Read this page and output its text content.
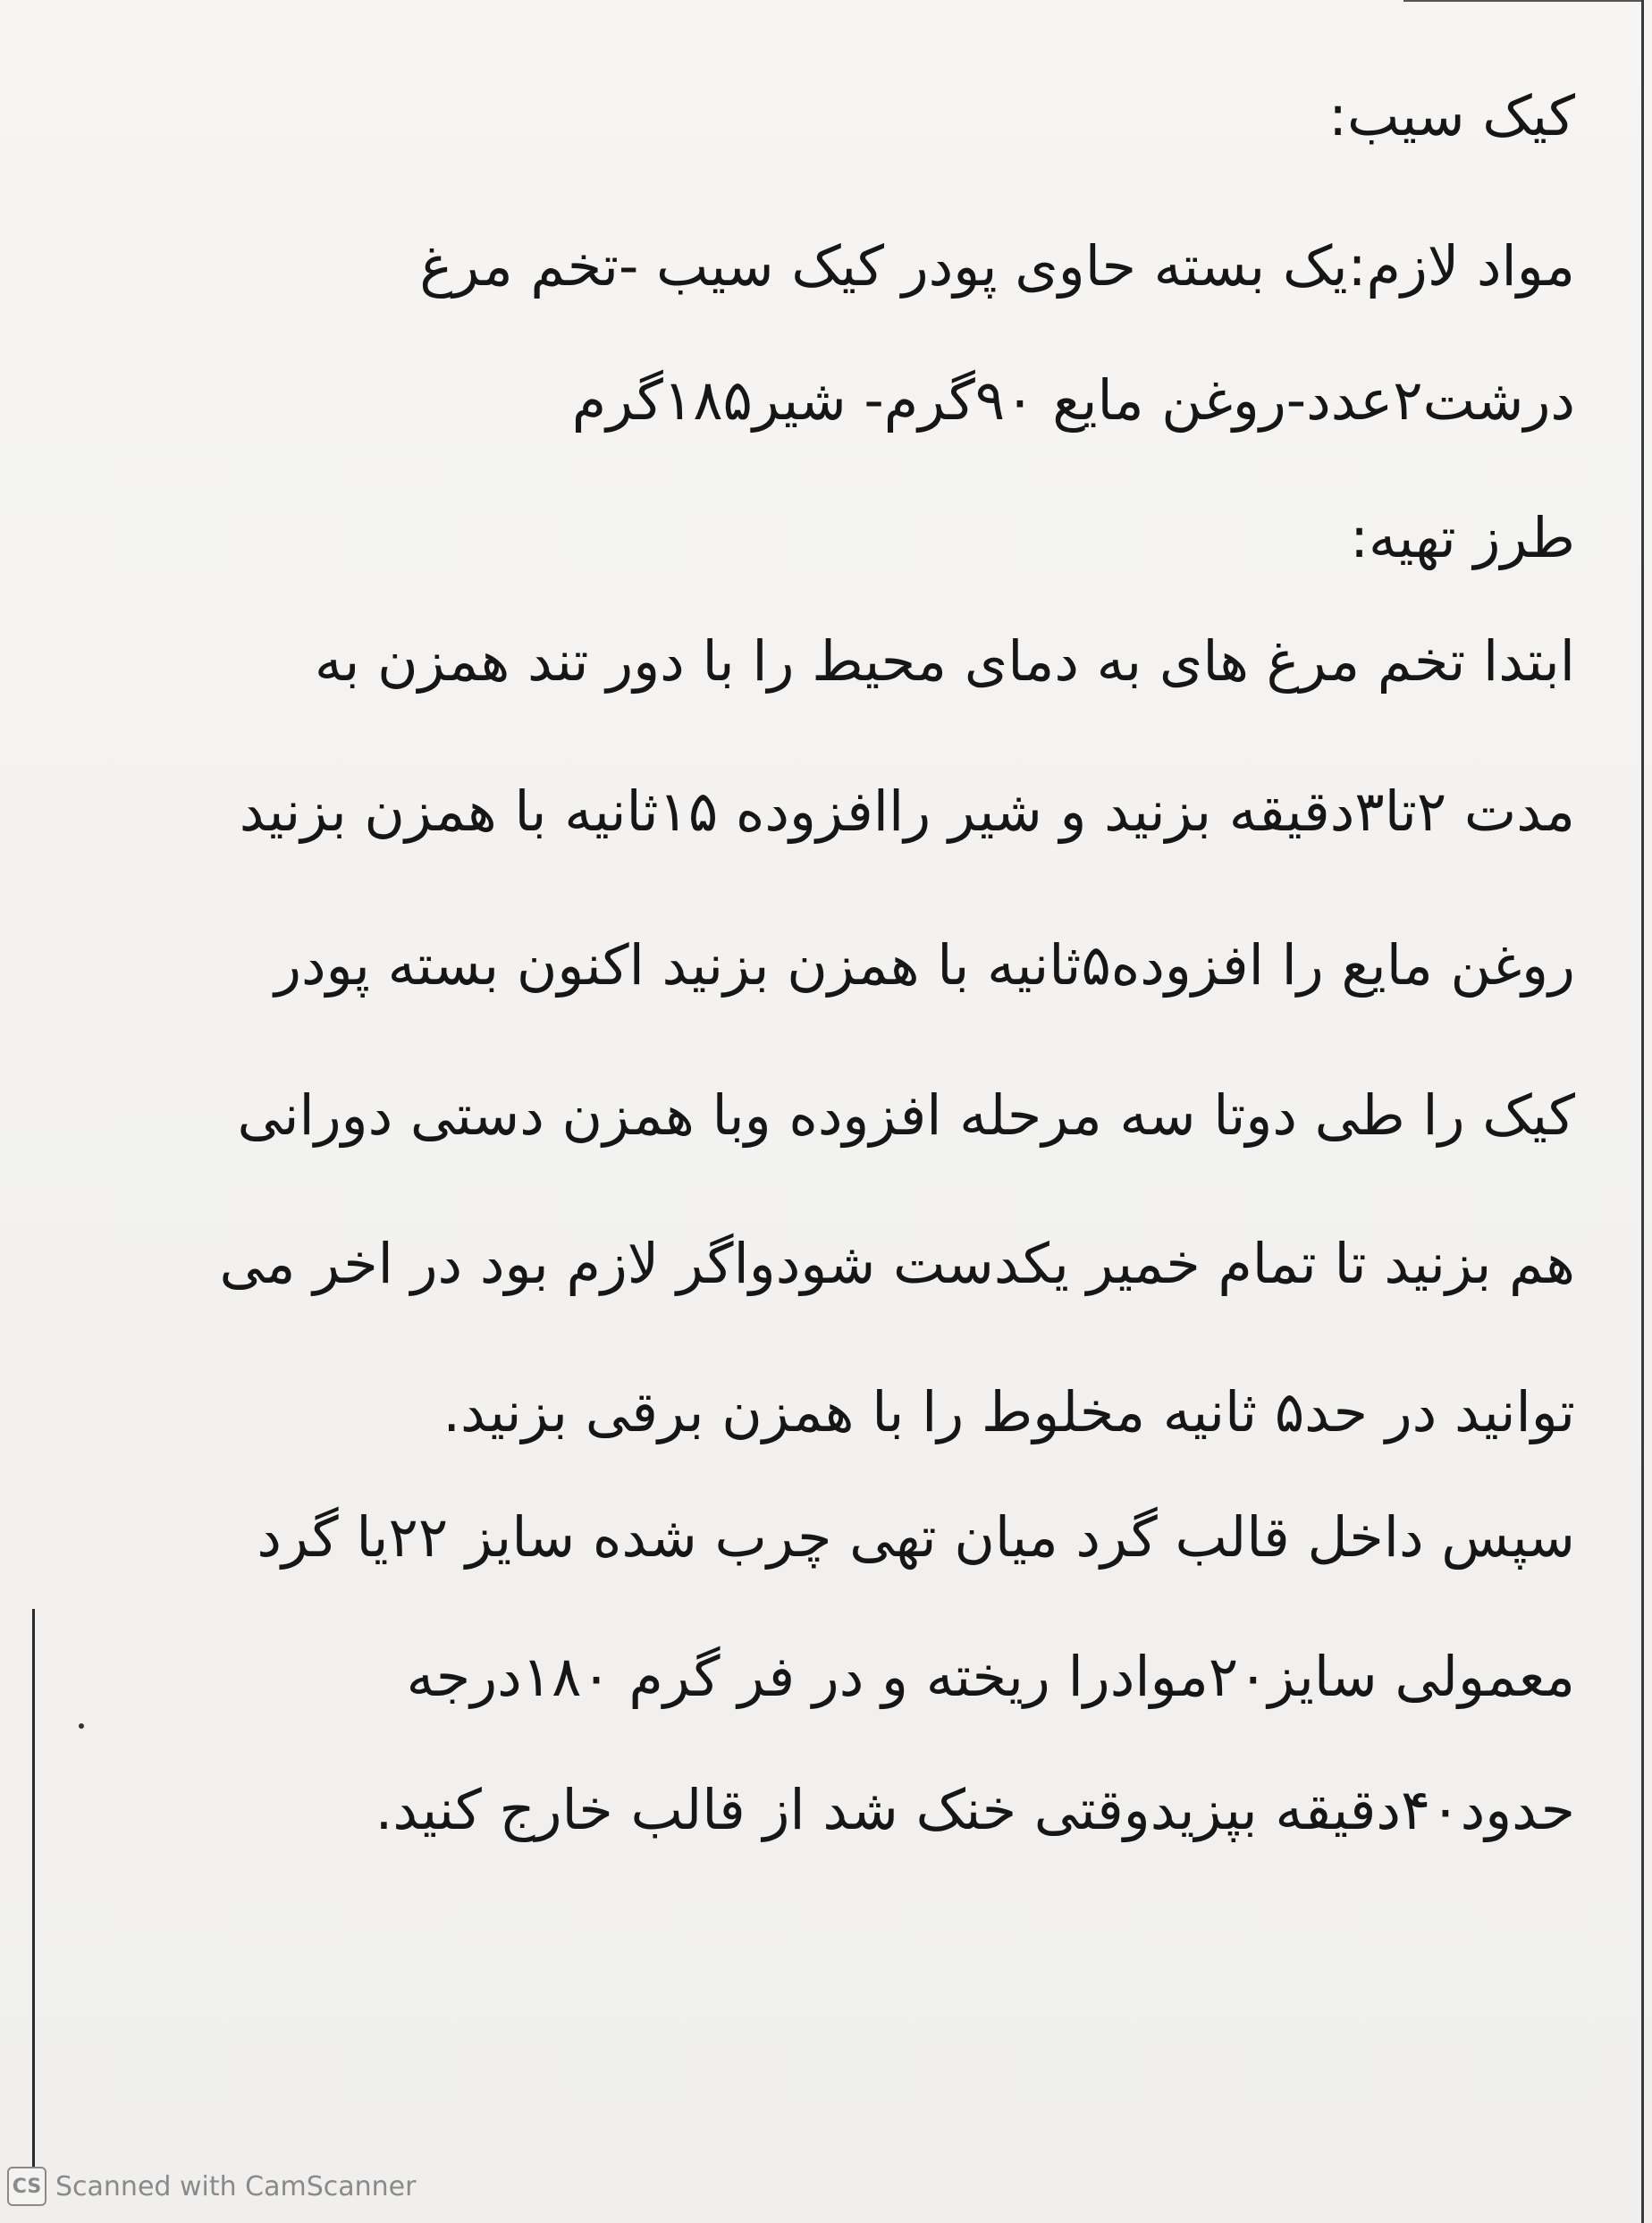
کیک سیب:
مواد لازم:یک بسته حاوی پودر کیک سیب -تخم مرغ
درشت۲عدد-روغن مایع ۹۰گرم- شیر۱۸۵گرم
طرز تهیه:
ابتدا تخم مرغ های به دمای محیط را با دور تند همزن به
مدت ۲تا۳دقیقه بزنید و شیر راافزوده ۱۵ثانیه با همزن بزنید
روغن مایع را افزوده۵ثانیه با همزن بزنید اکنون بسته پودر
کیک را طی دوتا سه مرحله افزوده وبا همزن دستی دورانی
هم بزنید تا تمام خمیر یکدست شودواگر لازم بود در اخر می
توانید در حد۵ ثانیه مخلوط را با همزن برقی بزنید.
سپس داخل قالب گرد میان تهی چرب شده سایز ۲۲یا گرد
معمولی سایز۲۰موادرا ریخته و در فر گرم ۱۸۰درجه
حدود۴۰دقیقه بپزیدوقتی خنک شد از قالب خارج کنید.
CS Scanned with CamScanner
